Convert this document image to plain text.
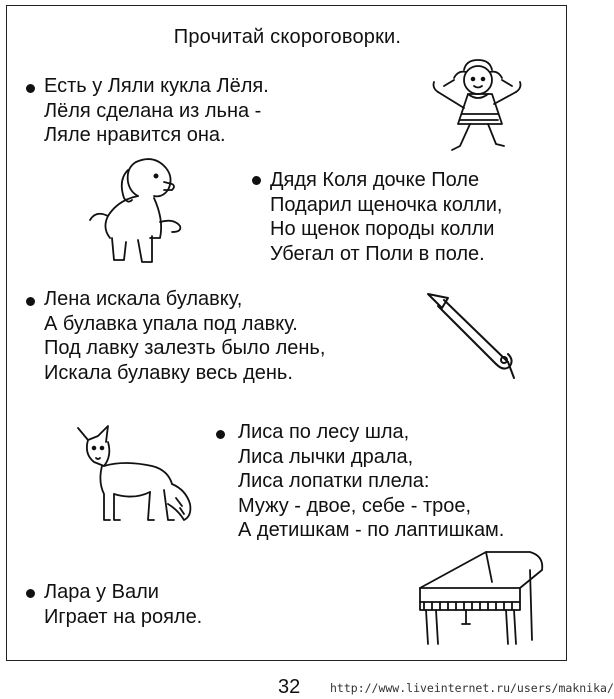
Прочитай скороговорки.
Есть у Ляли кукла Лёля.
Лёля сделана из льна -
Ляле нравится она.
Дядя Коля дочке Поле
Подарил щеночка колли,
Но щенок породы колли
Убегал от Поли в поле.
Лена искала булавку,
А булавка упала под лавку.
Под лавку залезть было лень,
Искала булавку весь день.
Лиса по лесу шла,
Лиса лычки драла,
Лиса лопатки плела:
Мужу - двое, себе - трое,
А детишкам - по лаптишкам.
Лара у Вали
Играет на рояле.
32	http://www.liveinternet.ru/users/maknika/
